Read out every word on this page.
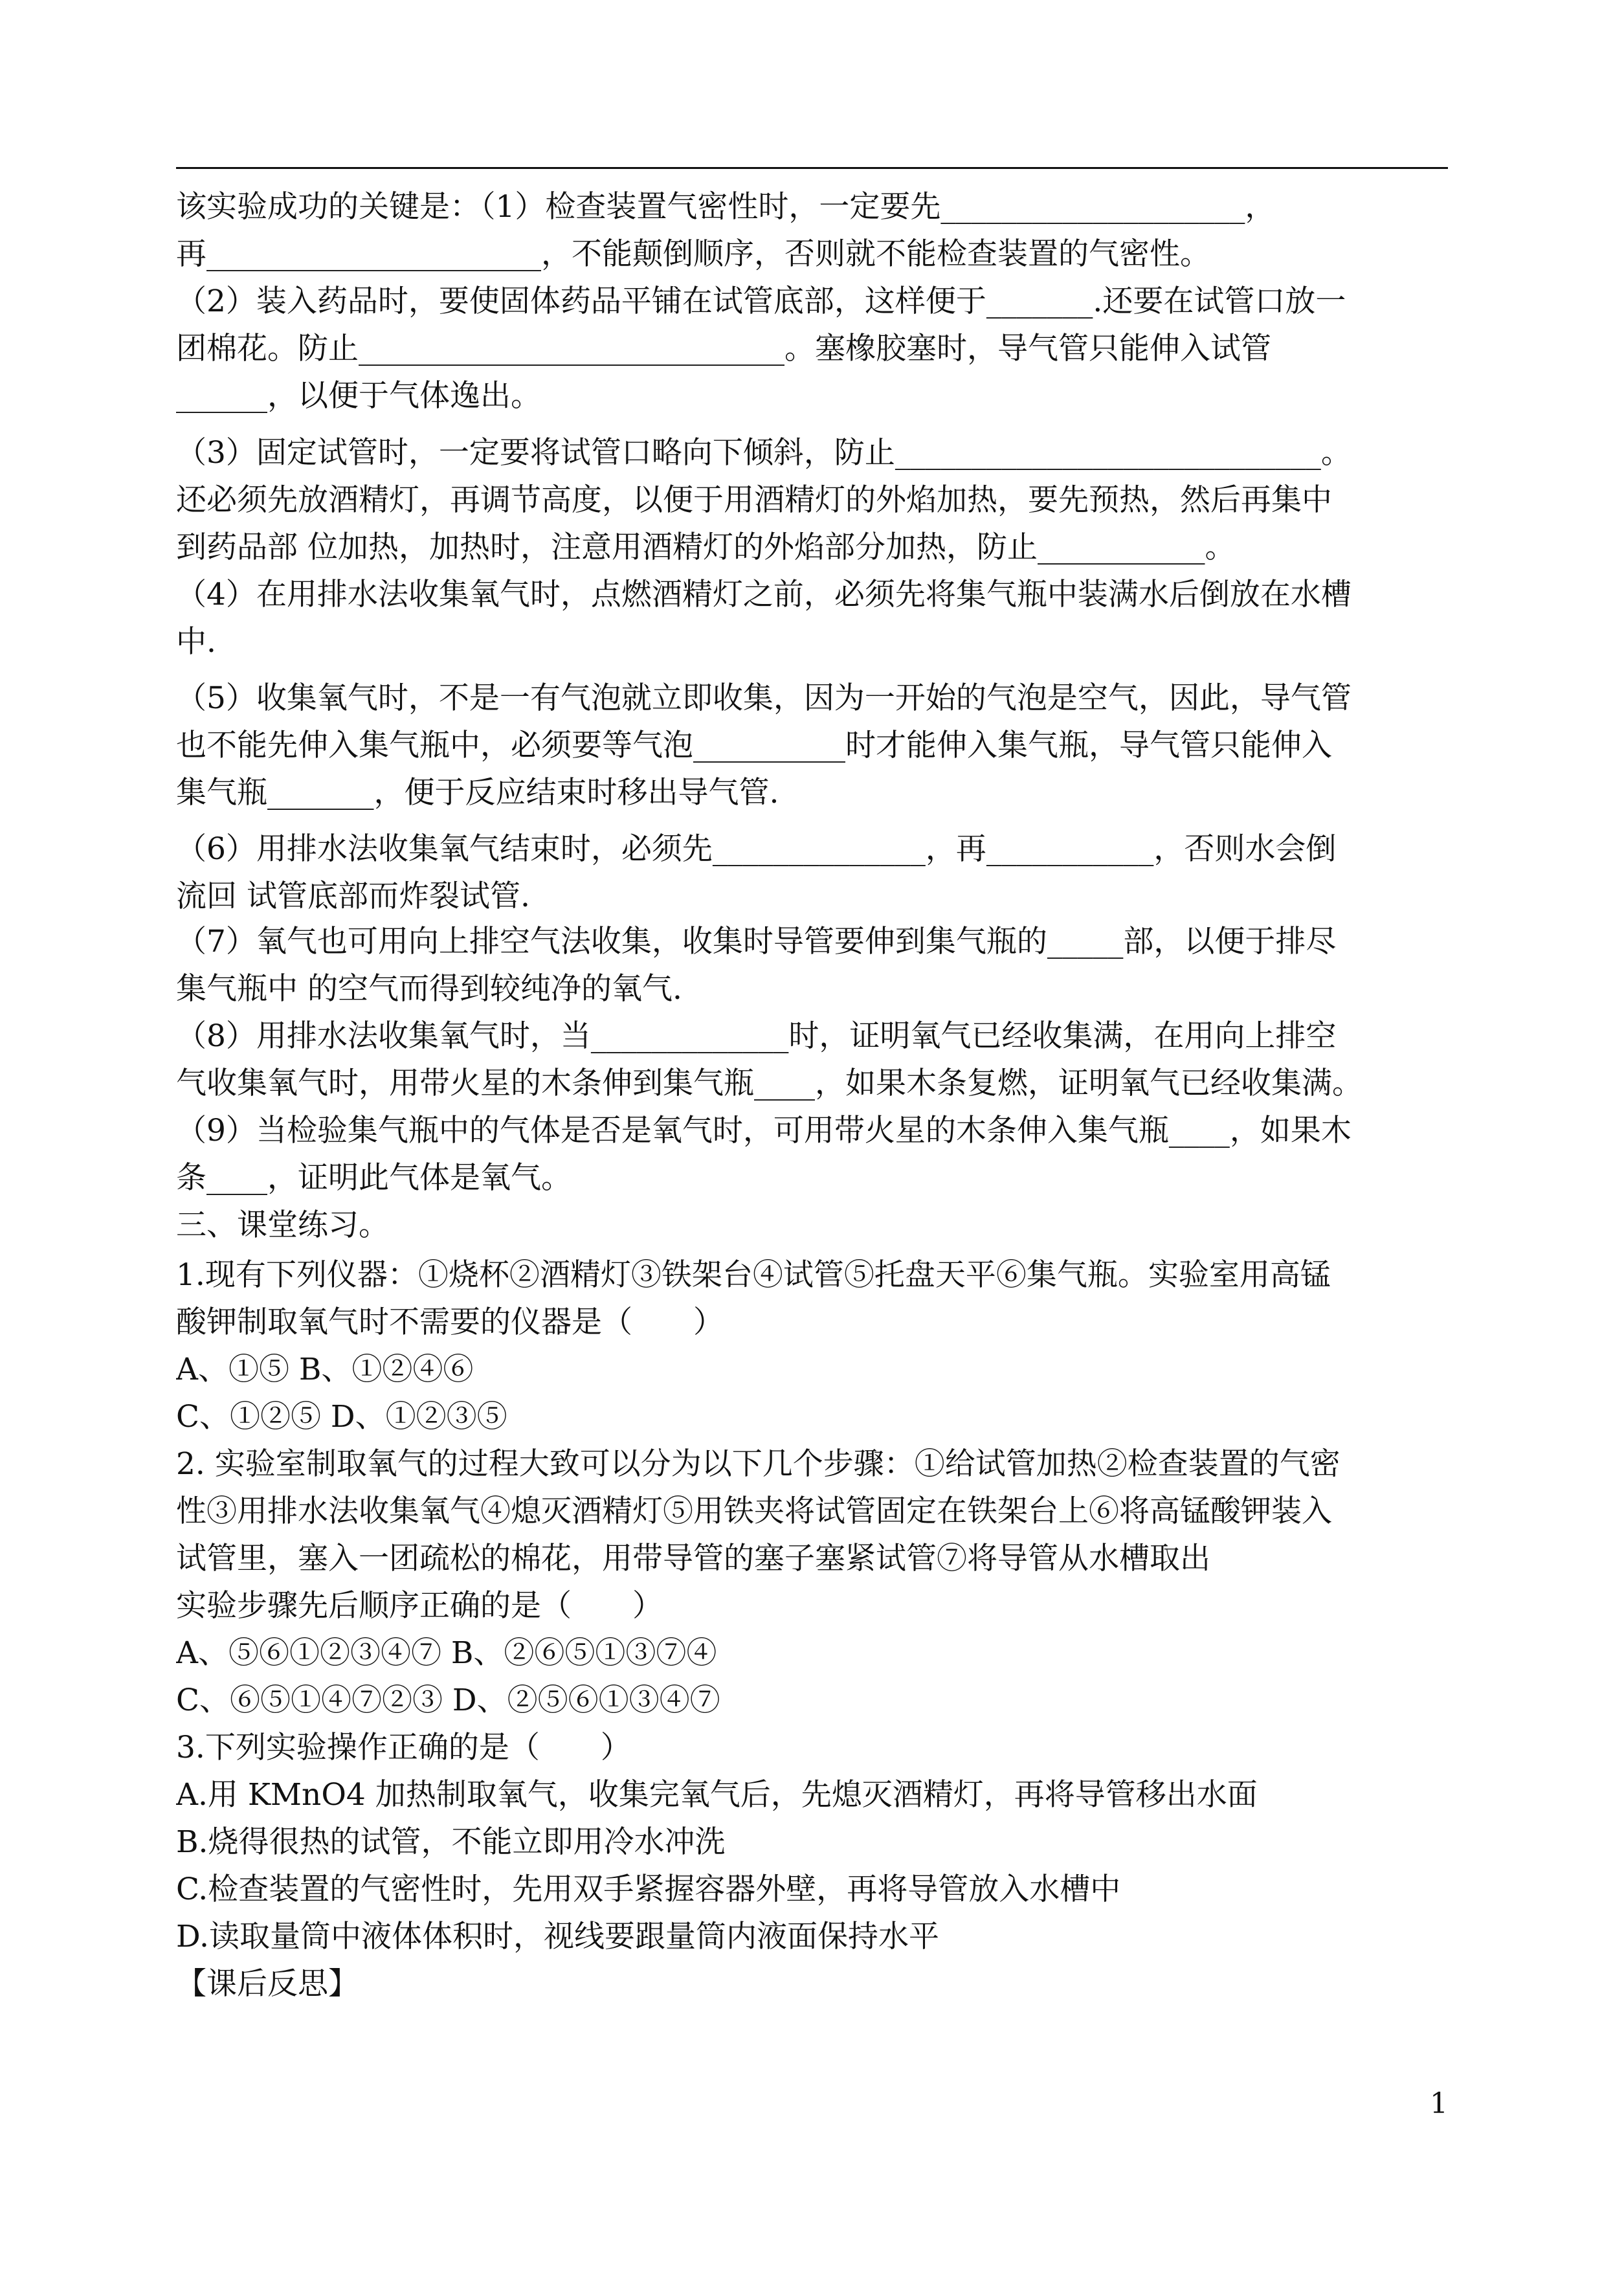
该实验成功的关键是：（1）检查装置气密性时，一定要先____________________，
再______________________，不能颠倒顺序，否则就不能检查装置的气密性。
（2）装入药品时，要使固体药品平铺在试管底部，这样便于_______.还要在试管口放一
团棉花。防止____________________________。塞橡胶塞时，导气管只能伸入试管
______，以便于气体逸出。
（3）固定试管时，一定要将试管口略向下倾斜，防止____________________________。
还必须先放酒精灯，再调节高度，以便于用酒精灯的外焰加热，要先预热，然后再集中
到药品部 位加热，加热时，注意用酒精灯的外焰部分加热，防止___________。
（4）在用排水法收集氧气时，点燃酒精灯之前，必须先将集气瓶中装满水后倒放在水槽
中.
（5）收集氧气时，不是一有气泡就立即收集，因为一开始的气泡是空气，因此，导气管
也不能先伸入集气瓶中，必须要等气泡__________时才能伸入集气瓶，导气管只能伸入
集气瓶_______，便于反应结束时移出导气管.
（6）用排水法收集氧气结束时，必须先______________，再___________，否则水会倒
流回 试管底部而炸裂试管.
（7）氧气也可用向上排空气法收集，收集时导管要伸到集气瓶的_____部，以便于排尽
集气瓶中 的空气而得到较纯净的氧气.
（8）用排水法收集氧气时，当_____________时，证明氧气已经收集满，在用向上排空
气收集氧气时，用带火星的木条伸到集气瓶____，如果木条复燃，证明氧气已经收集满。
（9）当检验集气瓶中的气体是否是氧气时，可用带火星的木条伸入集气瓶____，如果木
条____，证明此气体是氧气。
三、课堂练习。
1.现有下列仪器：①烧杯②酒精灯③铁架台④试管⑤托盘天平⑥集气瓶。实验室用高锰
酸钾制取氧气时不需要的仪器是（　　）
A、①⑤ B、①②④⑥
C、①②⑤ D、①②③⑤
2. 实验室制取氧气的过程大致可以分为以下几个步骤：①给试管加热②检查装置的气密
性③用排水法收集氧气④熄灭酒精灯⑤用铁夹将试管固定在铁架台上⑥将高锰酸钾装入
试管里，塞入一团疏松的棉花，用带导管的塞子塞紧试管⑦将导管从水槽取出
实验步骤先后顺序正确的是（　　）
A、⑤⑥①②③④⑦ B、②⑥⑤①③⑦④
C、⑥⑤①④⑦②③ D、②⑤⑥①③④⑦
3.下列实验操作正确的是（　　）
A.用 KMnO4 加热制取氧气，收集完氧气后，先熄灭酒精灯，再将导管移出水面
B.烧得很热的试管，不能立即用冷水冲洗
C.检查装置的气密性时，先用双手紧握容器外壁，再将导管放入水槽中
D.读取量筒中液体体积时，视线要跟量筒内液面保持水平
【课后反思】
1
